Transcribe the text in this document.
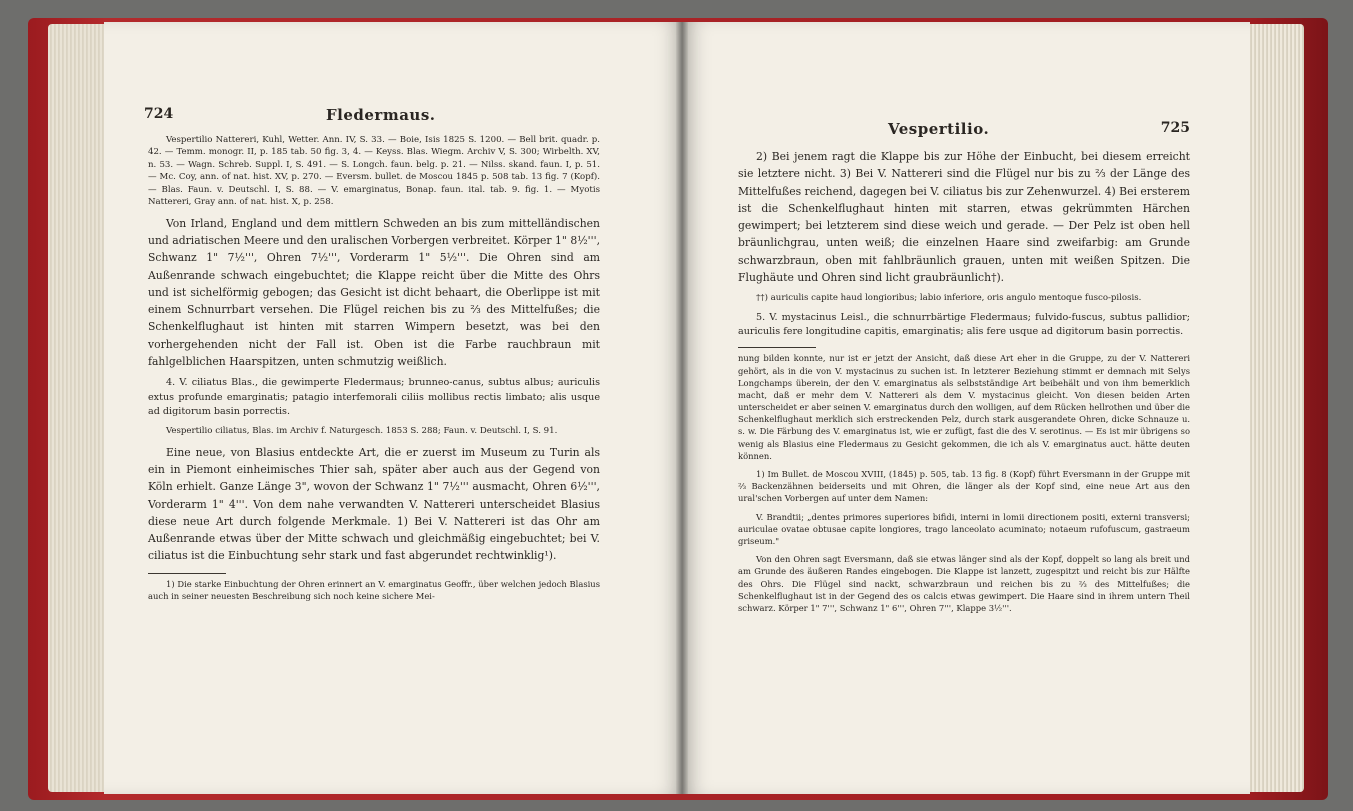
724	Fledermaus.

Vespertilio Nattereri, Kuhl, Wetter. Ann. IV, S. 33. — Boie, Isis 1825 S. 1200. — Bell brit. quadr. p. 42. — Temm. monogr. II, p. 185 tab. 50 fig. 3, 4. — Keyss. Blas. Wiegm. Archiv V, S. 300; Wirbelth. XV, n. 53. — Wagn. Schreb. Suppl. I, S. 491. — S. Longch. faun. belg. p. 21. — Nilss. skand. faun. I, p. 51. — Mc. Coy, ann. of nat. hist. XV, p. 270. — Eversm. bullet. de Moscou 1845 p. 508 tab. 13 fig. 7 (Kopf). — Blas. Faun. v. Deutschl. I, S. 88. — V. emarginatus, Bonap. faun. ital. tab. 9. fig. 1. — Myotis Nattereri, Gray ann. of nat. hist. X, p. 258.

Von Irland, England und dem mittlern Schweden an bis zum mittelländischen und adriatischen Meere und den uralischen Vorbergen verbreitet. Körper 1" 8½''', Schwanz 1" 7½''', Ohren 7½''', Vorderarm 1" 5½'''. Die Ohren sind am Außenrande schwach eingebuchtet; die Klappe reicht über die Mitte des Ohrs und ist sichelförmig gebogen; das Gesicht ist dicht behaart, die Oberlippe ist mit einem Schnurrbart versehen. Die Flügel reichen bis zu ⅔ des Mittelfußes; die Schenkelflughaut ist hinten mit starren Wimpern besetzt, was bei den vorhergehenden nicht der Fall ist. Oben ist die Farbe rauchbraun mit fahlgelblichen Haarspitzen, unten schmutzig weißlich.

4. V. ciliatus Blas., die gewimperte Fledermaus; brunneo-canus, subtus albus; auriculis extus profunde emarginatis; patagio interfemorali ciliis mollibus rectis limbato; alis usque ad digitorum basin porrectis.

Vespertilio ciliatus, Blas. im Archiv f. Naturgesch. 1853 S. 288; Faun. v. Deutschl. I, S. 91.

Eine neue, von Blasius entdeckte Art, die er zuerst im Museum zu Turin als ein in Piemont einheimisches Thier sah, später aber auch aus der Gegend von Köln erhielt. Ganze Länge 3", wovon der Schwanz 1" 7½''' ausmacht, Ohren 6½''', Vorderarm 1" 4'''. Von dem nahe verwandten V. Nattereri unterscheidet Blasius diese neue Art durch folgende Merkmale. 1) Bei V. Nattereri ist das Ohr am Außenrande etwas über der Mitte schwach und gleichmäßig eingebuchtet; bei V. ciliatus ist die Einbuchtung sehr stark und fast abgerundet rechtwinklig¹).

1) Die starke Einbuchtung der Ohren erinnert an V. emarginatus Geoffr., über welchen jedoch Blasius auch in seiner neuesten Beschreibung sich noch keine sichere Mei-

Vespertilio.	725

2) Bei jenem ragt die Klappe bis zur Höhe der Einbucht, bei diesem erreicht sie letztere nicht. 3) Bei V. Nattereri sind die Flügel nur bis zu ⅔ der Länge des Mittelfußes reichend, dagegen bei V. ciliatus bis zur Zehenwurzel. 4) Bei ersterem ist die Schenkelflughaut hinten mit starren, etwas gekrümmten Härchen gewimpert; bei letzterem sind diese weich und gerade. — Der Pelz ist oben hell bräunlichgrau, unten weiß; die einzelnen Haare sind zweifarbig: am Grunde schwarzbraun, oben mit fahlbräunlich grauen, unten mit weißen Spitzen. Die Flughäute und Ohren sind licht graubräunlich†).

††) auriculis capite haud longioribus; labio inferiore, oris angulo mentoque fusco-pilosis.

5. V. mystacinus Leisl., die schnurrbärtige Fledermaus; fulvido-fuscus, subtus pallidior; auriculis fere longitudine capitis, emarginatis; alis fere usque ad digitorum basin porrectis.

nung bilden konnte, nur ist er jetzt der Ansicht, daß diese Art eher in die Gruppe, zu der V. Nattereri gehört, als in die von V. mystacinus zu suchen ist. In letzterer Beziehung stimmt er demnach mit Selys Longchamps überein, der den V. emarginatus als selbstständige Art beibehält und von ihm bemerklich macht, daß er mehr dem V. Nattereri als dem V. mystacinus gleicht. Von diesen beiden Arten unterscheidet er aber seinen V. emarginatus durch den wolligen, auf dem Rücken hellrothen und über die Schenkelflughaut merklich sich erstreckenden Pelz, durch stark ausgerandete Ohren, dicke Schnauze u. s. w. Die Färbung des V. emarginatus ist, wie er zufügt, fast die des V. serotinus. — Es ist mir übrigens so wenig als Blasius eine Fledermaus zu Gesicht gekommen, die ich als V. emarginatus auct. hätte deuten können.

1) Im Bullet. de Moscou XVIII, (1845) p. 505, tab. 13 fig. 8 (Kopf) führt Eversmann in der Gruppe mit ⅔ Backenzähnen beiderseits und mit Ohren, die länger als der Kopf sind, eine neue Art aus den ural'schen Vorbergen auf unter dem Namen:

V. Brandtii; „dentes primores superiores bifidi, interni in lomii directionem positi, externi transversi; auriculae ovatae obtusae capite longiores, trago lanceolato acuminato; notaeum rufofuscum, gastraeum griseum."

Von den Ohren sagt Eversmann, daß sie etwas länger sind als der Kopf, doppelt so lang als breit und am Grunde des äußeren Randes eingebogen. Die Klappe ist lanzett, zugespitzt und reicht bis zur Hälfte des Ohrs. Die Flügel sind nackt, schwarzbraun und reichen bis zu ⅔ des Mittelfußes; die Schenkelflughaut ist in der Gegend des os calcis etwas gewimpert. Die Haare sind in ihrem untern Theil schwarz. Körper 1" 7''', Schwanz 1" 6''', Ohren 7''', Klappe 3½'''.
